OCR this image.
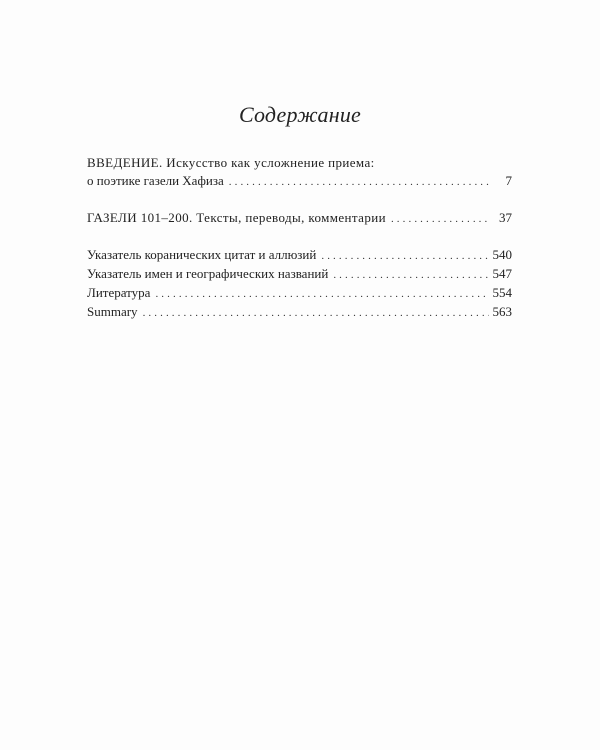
Содержание
ВВЕДЕНИЕ. Искусство как усложнение приема:
о поэтике газели Хафиза .....	7
ГАЗЕЛИ 101–200. Тексты, переводы, комментарии .....	37
Указатель коранических цитат и аллюзий .....	540
Указатель имен и географических названий .....	547
Литература .....	554
Summary .....	563
